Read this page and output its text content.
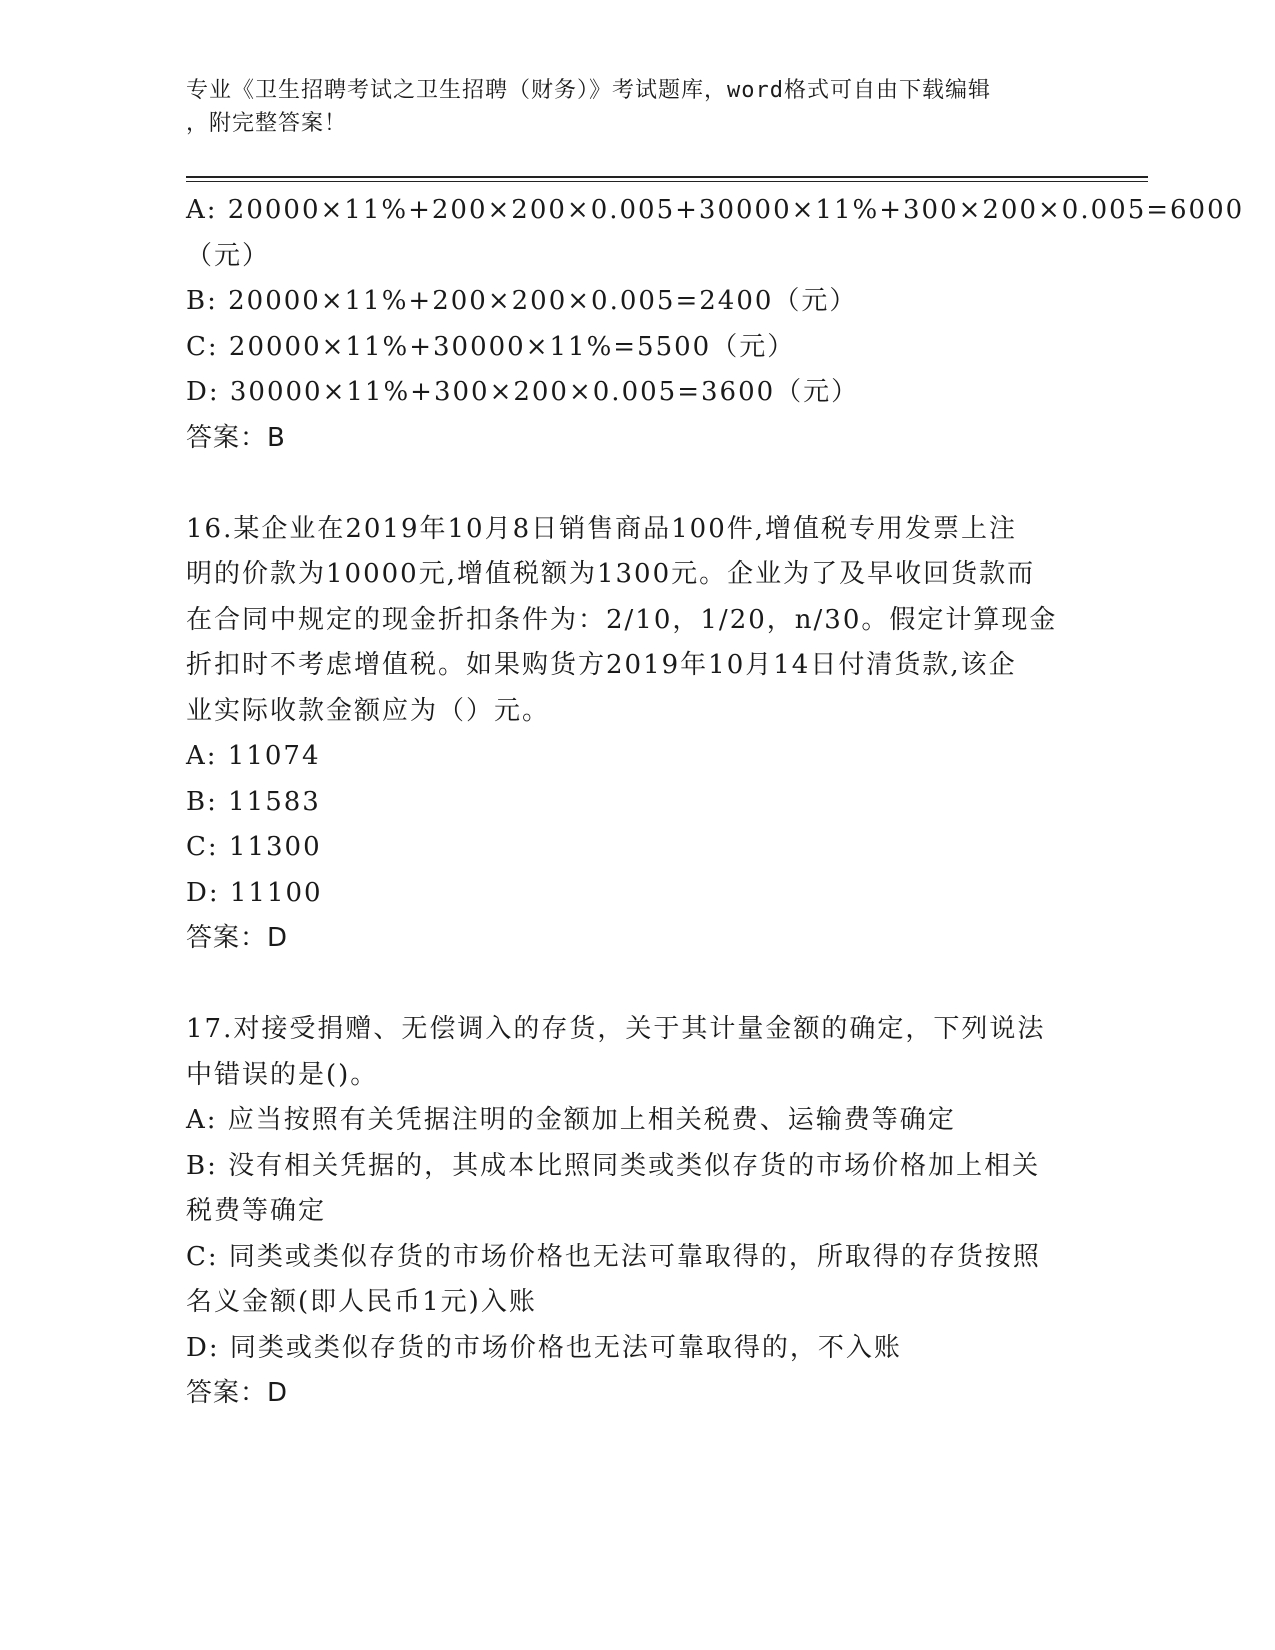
专业《卫生招聘考试之卫生招聘（财务）》考试题库，word格式可自由下载编辑
，附完整答案！
A: 20000×11%+200×200×0.005+30000×11%+300×200×0.005=6000
（元）
B: 20000×11%+200×200×0.005=2400（元）
C: 20000×11%+30000×11%=5500（元）
D: 30000×11%+300×200×0.005=3600（元）
答案：B
16.某企业在2019年10月8日销售商品100件,增值税专用发票上注
明的价款为10000元,增值税额为1300元。企业为了及早收回货款而
在合同中规定的现金折扣条件为：2/10，1/20，n/30。假定计算现金
折扣时不考虑增值税。如果购货方2019年10月14日付清货款,该企
业实际收款金额应为（）元。
A: 11074
B: 11583
C: 11300
D: 11100
答案：D
17.对接受捐赠、无偿调入的存货，关于其计量金额的确定，下列说法
中错误的是()。
A: 应当按照有关凭据注明的金额加上相关税费、运输费等确定
B: 没有相关凭据的，其成本比照同类或类似存货的市场价格加上相关
税费等确定
C: 同类或类似存货的市场价格也无法可靠取得的，所取得的存货按照
名义金额(即人民币1元)入账
D: 同类或类似存货的市场价格也无法可靠取得的，不入账
答案：D
